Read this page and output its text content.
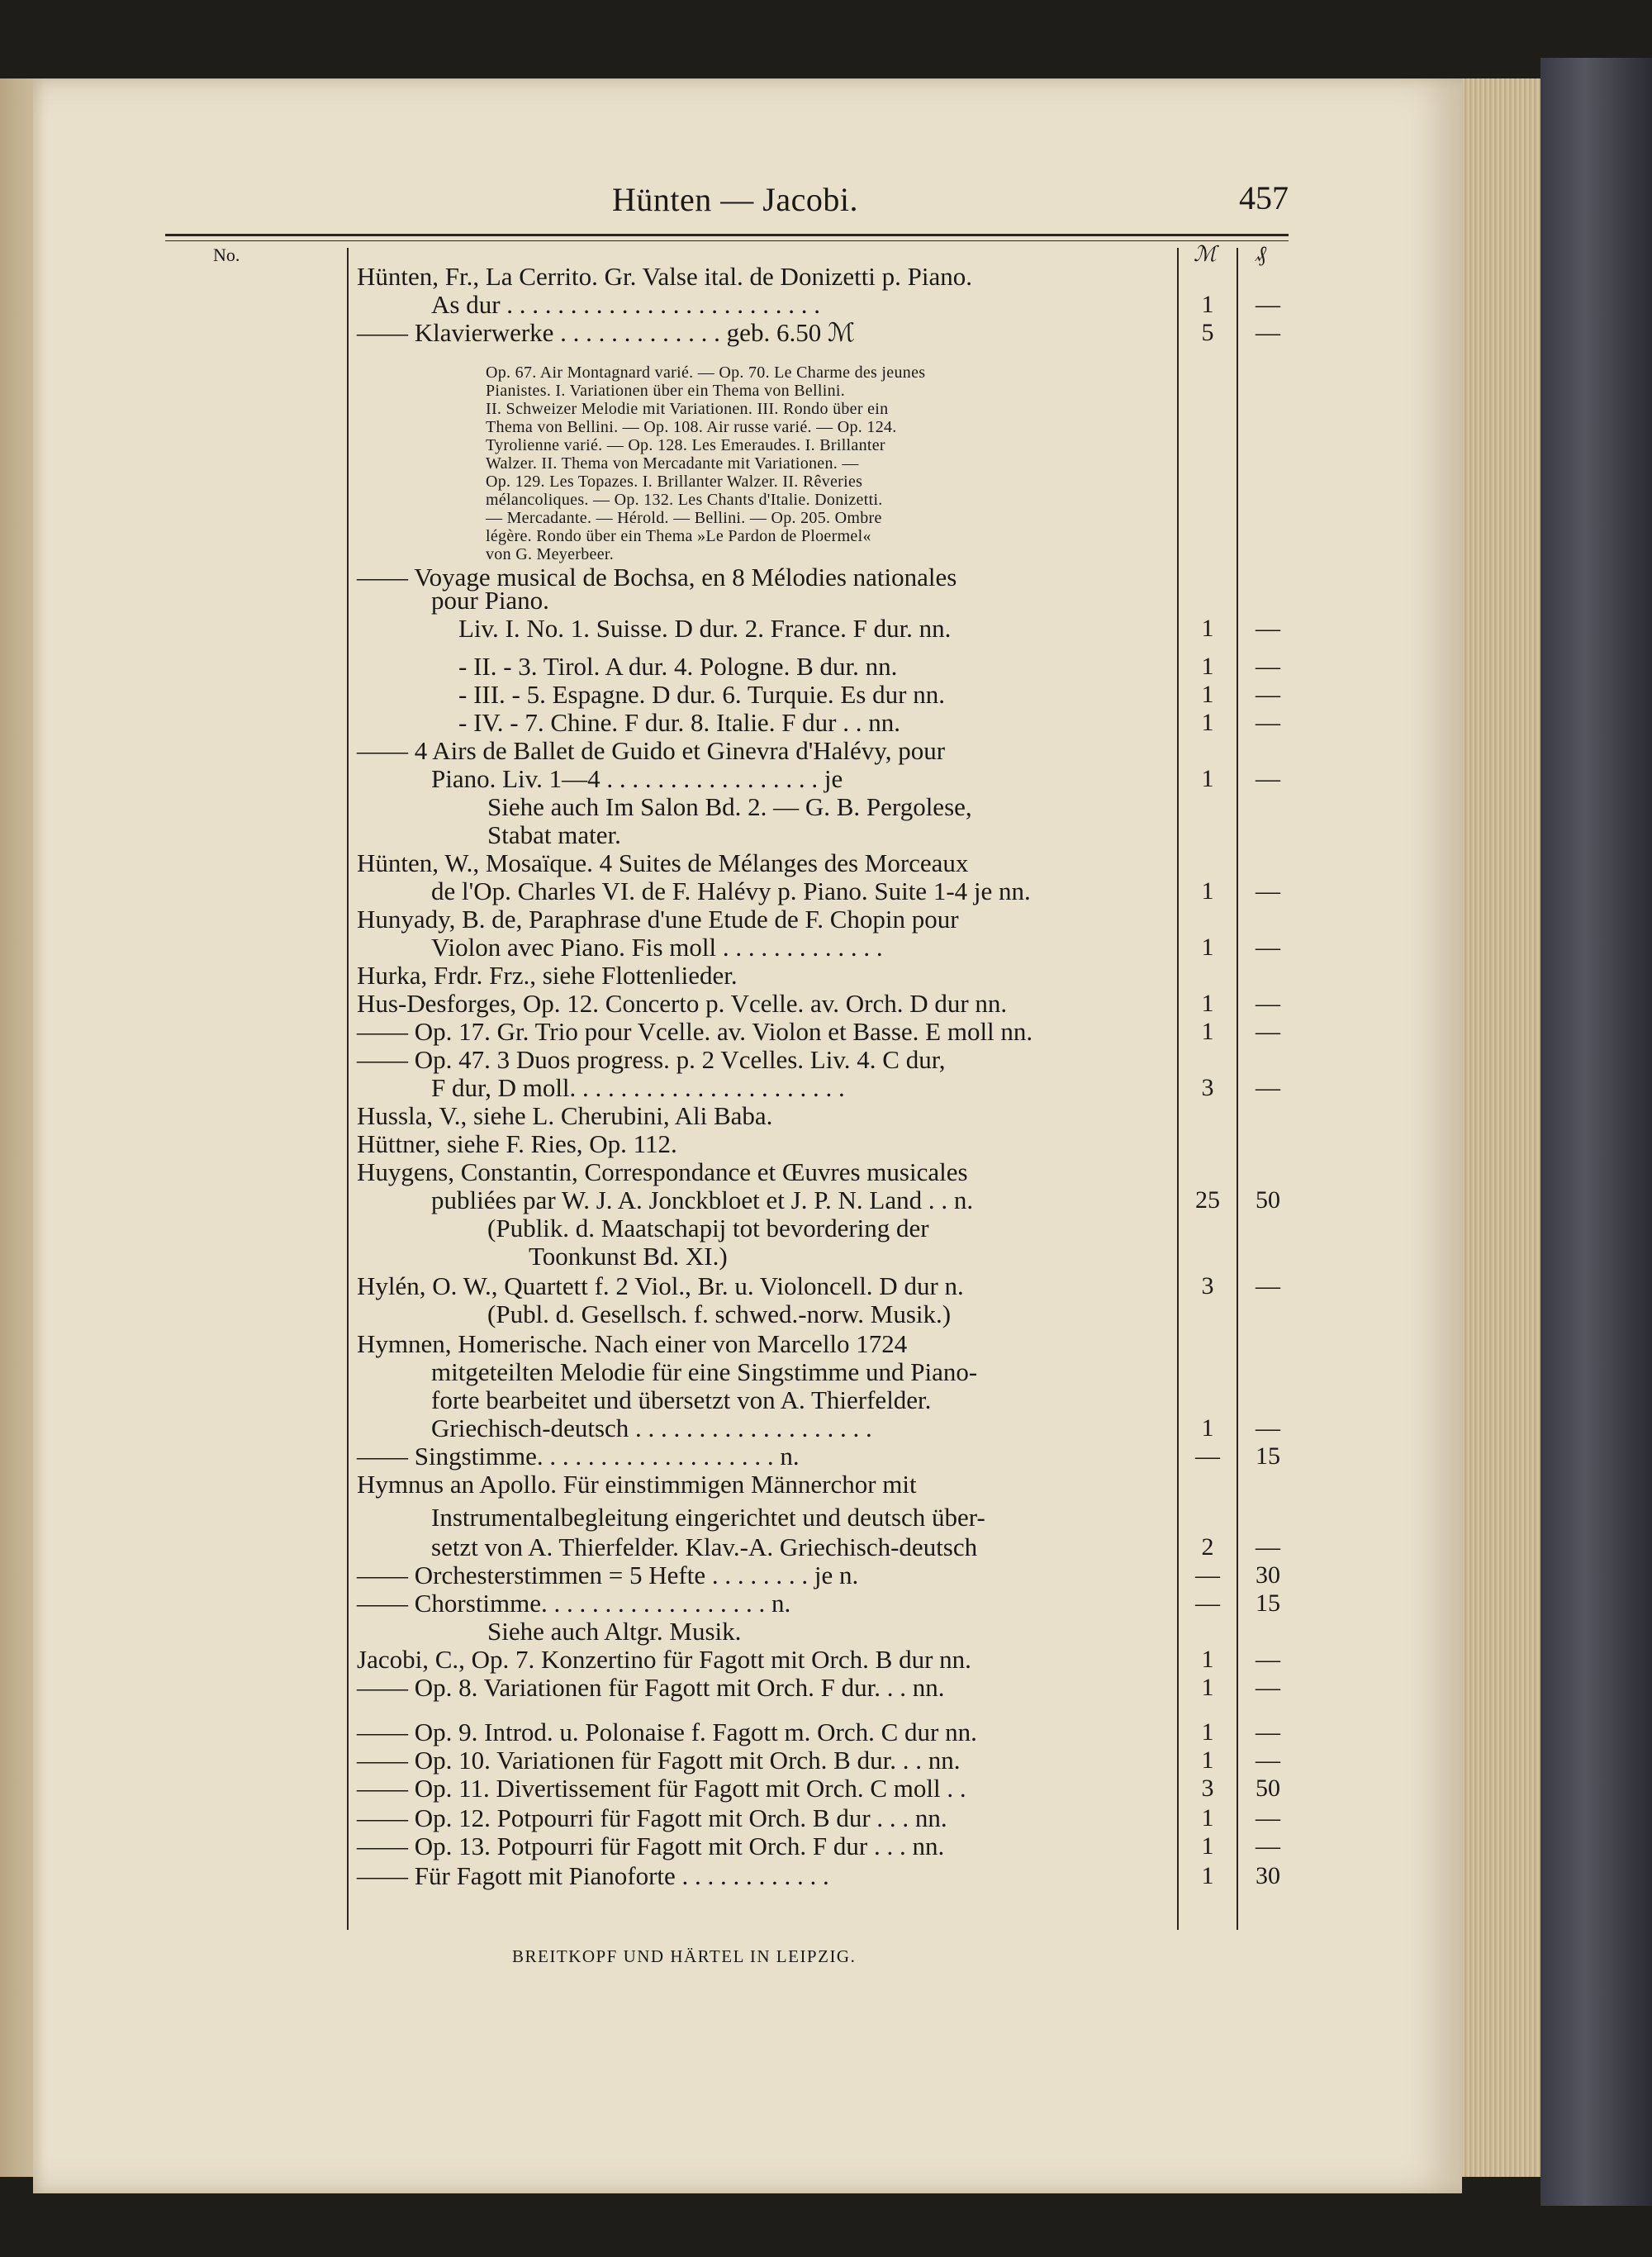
Hünten — Jacobi.	457
No.	ℳ ₰
Hünten, Fr., La Cerrito. Gr. Valse ital. de Donizetti p. Piano.
As dur . . . . . . . . . . . . . . . . . . . . . . . . .	1	—
—— Klavierwerke . . . . . . . . . . . . . geb. 6.50 ℳ	5	—
Op. 67. Air Montagnard varié. — Op. 70. Le Charme des jeunes
Pianistes. I. Variationen über ein Thema von Bellini.
II. Schweizer Melodie mit Variationen. III. Rondo über ein
Thema von Bellini. — Op. 108. Air russe varié. — Op. 124.
Tyrolienne varié. — Op. 128. Les Emeraudes. I. Brillanter
Walzer. II. Thema von Mercadante mit Variationen. —
Op. 129. Les Topazes. I. Brillanter Walzer. II. Rêveries
mélancoliques. — Op. 132. Les Chants d'Italie. Donizetti.
— Mercadante. — Hérold. — Bellini. — Op. 205. Ombre
légère. Rondo über ein Thema »Le Pardon de Ploermel«
von G. Meyerbeer.
—— Voyage musical de Bochsa, en 8 Mélodies nationales
pour Piano.
Liv. I. No. 1. Suisse. D dur. 2. France. F dur. nn.	1	—
- II. - 3. Tirol. A dur. 4. Pologne. B dur. nn.	1	—
- III. - 5. Espagne. D dur. 6. Turquie. Es dur nn.	1	—
- IV. - 7. Chine. F dur. 8. Italie. F dur . . nn.	1	—
—— 4 Airs de Ballet de Guido et Ginevra d'Halévy, pour
Piano. Liv. 1—4 . . . . . . . . . . . . . . . . . je	1	—
Siehe auch Im Salon Bd. 2. — G. B. Pergolese,
Stabat mater.
Hünten, W., Mosaïque. 4 Suites de Mélanges des Morceaux
de l'Op. Charles VI. de F. Halévy p. Piano. Suite 1-4 je nn.	1	—
Hunyady, B. de, Paraphrase d'une Etude de F. Chopin pour
Violon avec Piano. Fis moll . . . . . . . . . . . . .	1	—
Hurka, Frdr. Frz., siehe Flottenlieder.
Hus-Desforges, Op. 12. Concerto p. Vcelle. av. Orch. D dur nn.	1	—
—— Op. 17. Gr. Trio pour Vcelle. av. Violon et Basse. E moll nn.	1	—
—— Op. 47. 3 Duos progress. p. 2 Vcelles. Liv. 4. C dur,
F dur, D moll. . . . . . . . . . . . . . . . . . . . . .	3	—
Hussla, V., siehe L. Cherubini, Ali Baba.
Hüttner, siehe F. Ries, Op. 112.
Huygens, Constantin, Correspondance et Œuvres musicales
publiées par W. J. A. Jonckbloet et J. P. N. Land . . n.	25	50
(Publik. d. Maatschapij tot bevordering der
Toonkunst Bd. XI.)
Hylén, O. W., Quartett f. 2 Viol., Br. u. Violoncell. D dur n.	3	—
(Publ. d. Gesellsch. f. schwed.-norw. Musik.)
Hymnen, Homerische. Nach einer von Marcello 1724
mitgeteilten Melodie für eine Singstimme und Piano-
forte bearbeitet und übersetzt von A. Thierfelder.
Griechisch-deutsch . . . . . . . . . . . . . . . . . . .	1	—
—— Singstimme. . . . . . . . . . . . . . . . . . . n.	—	15
Hymnus an Apollo. Für einstimmigen Männerchor mit
Instrumentalbegleitung eingerichtet und deutsch über-
setzt von A. Thierfelder. Klav.-A. Griechisch-deutsch	2	—
—— Orchesterstimmen = 5 Hefte . . . . . . . . je n.	—	30
—— Chorstimme. . . . . . . . . . . . . . . . . . n.	—	15
Siehe auch Altgr. Musik.
Jacobi, C., Op. 7. Konzertino für Fagott mit Orch. B dur nn.	1	—
—— Op. 8. Variationen für Fagott mit Orch. F dur. . . nn.	1	—
—— Op. 9. Introd. u. Polonaise f. Fagott m. Orch. C dur nn.	1	—
—— Op. 10. Variationen für Fagott mit Orch. B dur. . . nn.	1	—
—— Op. 11. Divertissement für Fagott mit Orch. C moll . .	3	50
—— Op. 12. Potpourri für Fagott mit Orch. B dur . . . nn.	1	—
—— Op. 13. Potpourri für Fagott mit Orch. F dur . . . nn.	1	—
—— Für Fagott mit Pianoforte . . . . . . . . . . . .	1	30
BREITKOPF UND HÄRTEL IN LEIPZIG.
